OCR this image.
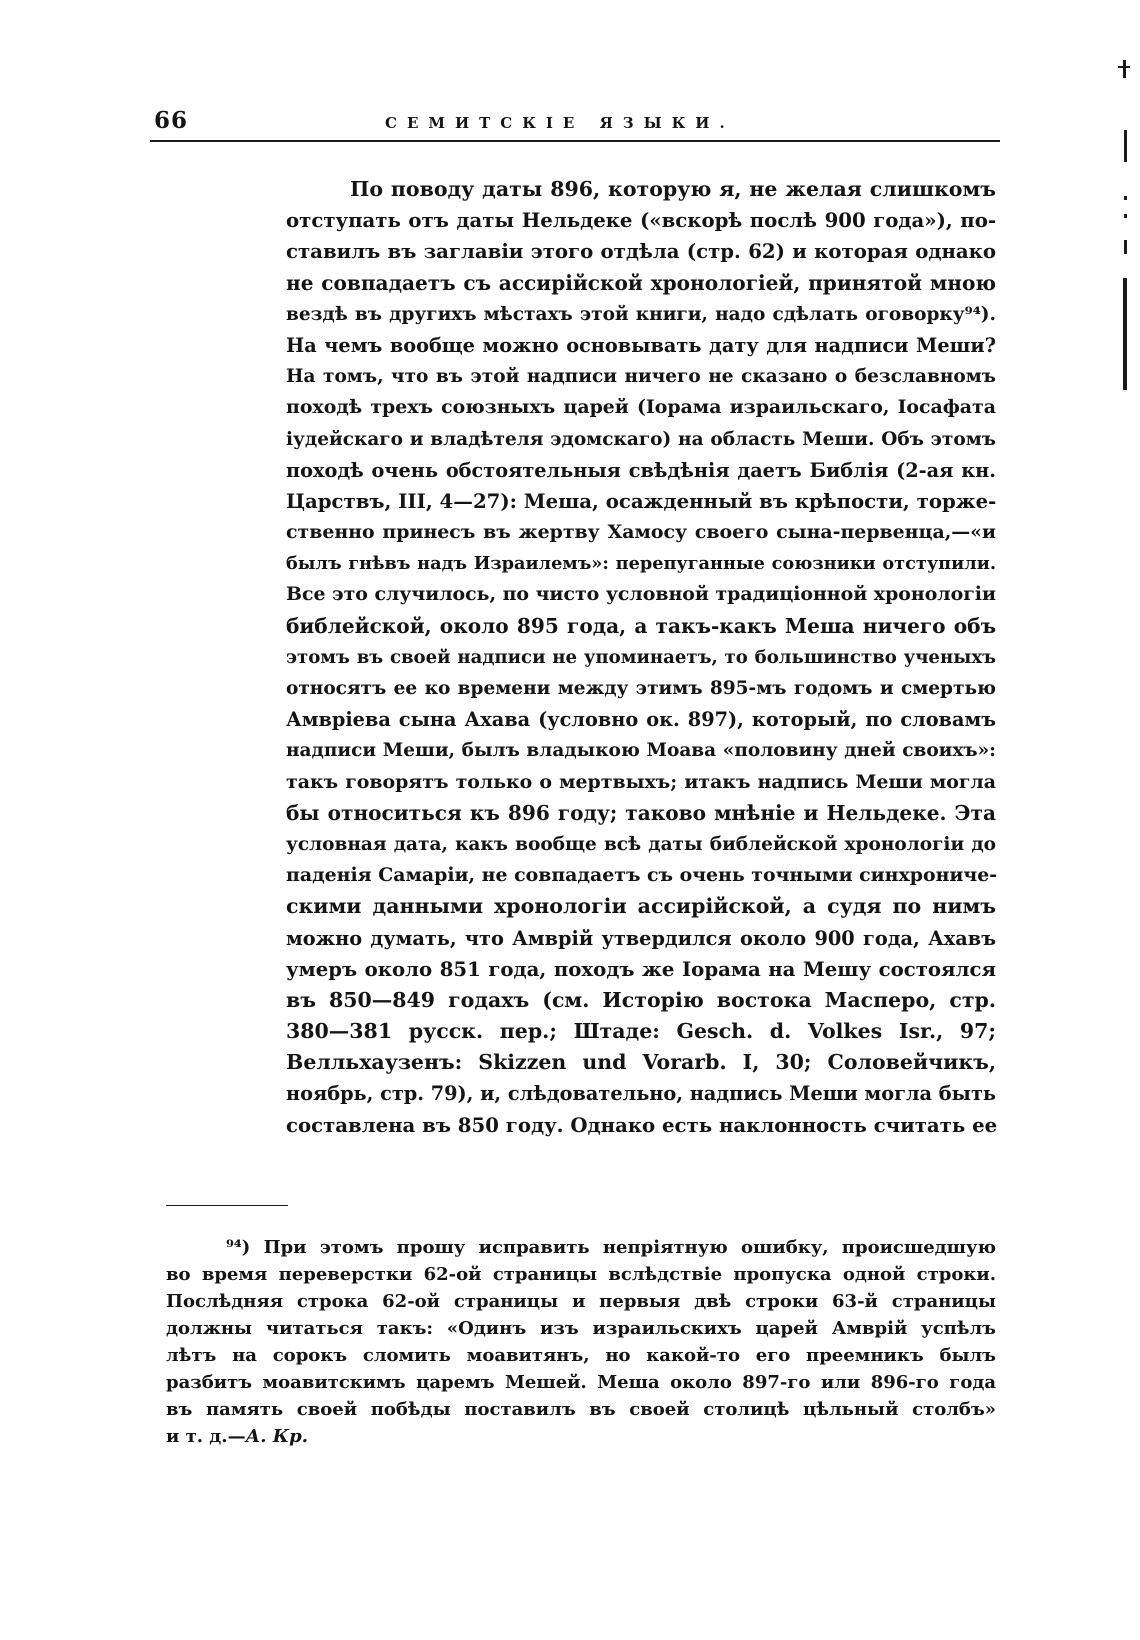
66	СЕМИТСКІЕ ЯЗЫКИ.
По поводу даты 896, которую я, не желая слишкомъ
отступать отъ даты Нельдеке («вскорѣ послѣ 900 года»), по-
ставилъ въ заглавіи этого отдѣла (стр. 62) и которая однако
не совпадаетъ съ ассирійской хронологіей, принятой мною
вездѣ въ другихъ мѣстахъ этой книги, надо сдѣлать оговорку⁹⁴).
На чемъ вообще можно основывать дату для надписи Меши?
На томъ, что въ этой надписи ничего не сказано о безславномъ
походѣ трехъ союзныхъ царей (Іорама израильскаго, Іосафата
іудейскаго и владѣтеля эдомскаго) на область Меши. Объ этомъ
походѣ очень обстоятельныя свѣдѣнія даетъ Библія (2-ая кн.
Царствъ, III, 4—27): Меша, осажденный въ крѣпости, торже-
ственно принесъ въ жертву Хамосу своего сына-первенца,—«и
былъ гнѣвъ надъ Израилемъ»: перепуганные союзники отступили.
Все это случилось, по чисто условной традиціонной хронологіи
библейской, около 895 года, а такъ-какъ Меша ничего объ
этомъ въ своей надписи не упоминаетъ, то большинство ученыхъ
относятъ ее ко времени между этимъ 895-мъ годомъ и смертью
Амвріева сына Ахава (условно ок. 897), который, по словамъ
надписи Меши, былъ владыкою Моава «половину дней своихъ»:
такъ говорятъ только о мертвыхъ; итакъ надпись Меши могла
бы относиться къ 896 году; таково мнѣніе и Нельдеке. Эта
условная дата, какъ вообще всѣ даты библейской хронологіи до
паденія Самаріи, не совпадаетъ съ очень точными синхрониче-
скими данными хронологіи ассирійской, а судя по нимъ
можно думать, что Амврій утвердился около 900 года, Ахавъ
умеръ около 851 года, походъ же Іорама на Мешу состоялся
въ 850—849 годахъ (см. Исторію востока Масперо, стр.
380—381 русск. пер.; Штаде: Gesch. d. Volkes Isr., 97;
Велльхаузенъ: Skizzen und Vorarb. I, 30; Соловейчикъ,
ноябрь, стр. 79), и, слѣдовательно, надпись Меши могла быть
составлена въ 850 году. Однако есть наклонность считать ее
⁹⁴) При этомъ прошу исправить непріятную ошибку, происшедшую
во время переверстки 62-ой страницы вслѣдствіе пропуска одной строки.
Послѣдняя строка 62-ой страницы и первыя двѣ строки 63-й страницы
должны читаться такъ: «Одинъ изъ израильскихъ царей Амврій успѣлъ
лѣтъ на сорокъ сломить моавитянъ, но какой-то его преемникъ былъ
разбитъ моавитскимъ царемъ Мешей. Меша около 897-го или 896-го года
въ память своей побѣды поставилъ въ своей столицѣ цѣльный столбъ»
и т. д.—А. Кр.
